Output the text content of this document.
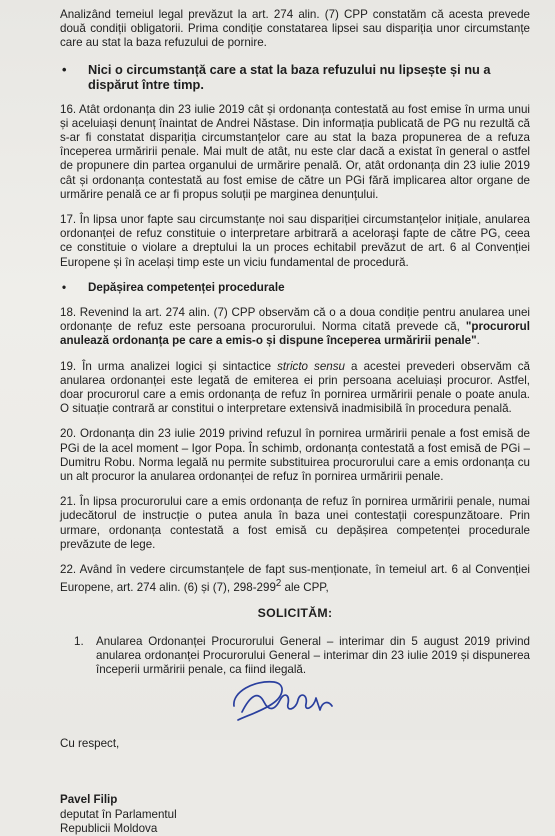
Analizând temeiul legal prevăzut la art. 274 alin. (7) CPP constatăm că acesta prevede două condiții obligatorii. Prima condiție constatarea lipsei sau dispariția unor circumstanțe care au stat la baza refuzului de pornire.

•	Nici o circumstanță care a stat la baza refuzului nu lipsește și nu a dispărut între timp.

16. Atât ordonanța din 23 iulie 2019 cât și ordonanța contestată au fost emise în urma unui și aceluiași denunț înaintat de Andrei Năstase. Din informația publicată de PG nu rezultă că s-ar fi constatat dispariția circumstanțelor care au stat la baza propunerea de a refuza începerea urmăririi penale. Mai mult de atât, nu este clar dacă a existat în general o astfel de propunere din partea organului de urmărire penală. Or, atât ordonanța din 23 iulie 2019 cât și ordonanța contestată au fost emise de către un PGi fără implicarea altor organe de urmărire penală ce ar fi propus soluții pe marginea denunțului.

17. În lipsa unor fapte sau circumstanțe noi sau dispariției circumstanțelor inițiale, anularea ordonanței de refuz constituie o interpretare arbitrară a aceloraşi fapte de către PG, ceea ce constituie o violare a dreptului la un proces echitabil prevăzut de art. 6 al Convenției Europene și în același timp este un viciu fundamental de procedură.

•	Depășirea competenței procedurale

18. Revenind la art. 274 alin. (7) CPP observăm că o a doua condiție pentru anularea unei ordonanțe de refuz este persoana procurorului. Norma citată prevede că, "procurorul anulează ordonanța pe care a emis-o și dispune începerea urmăririi penale".

19. În urma analizei logici și sintactice stricto sensu a acestei prevederi observăm că anularea ordonanței este legată de emiterea ei prin persoana aceluiași procuror. Astfel, doar procurorul care a emis ordonanța de refuz în pornirea urmăririi penale o poate anula. O situație contrară ar constitui o interpretare extensivă inadmisibilă în procedura penală.

20. Ordonanța din 23 iulie 2019 privind refuzul în pornirea urmăririi penale a fost emisă de PGi de la acel moment – Igor Popa. În schimb, ordonanța contestată a fost emisă de PGi – Dumitru Robu. Norma legală nu permite substituirea procurorului care a emis ordonanța cu un alt procuror la anularea ordonanței de refuz în pornirea urmăririi penale.

21. În lipsa procurorului care a emis ordonanța de refuz în pornirea urmăririi penale, numai judecătorul de instrucție o putea anula în baza unei contestații corespunzătoare. Prin urmare, ordonanța contestată a fost emisă cu depășirea competenței procedurale prevăzute de lege.

22. Având în vedere circumstanțele de fapt sus-menționate, în temeiul art. 6 al Convenției Europene, art. 274 alin. (6) și (7), $298-299^2$ ale CPP,

SOLICITĂM:
1.	Anularea Ordonanței Procurorului General – interimar din 5 august 2019 privind anularea ordonanței Procurorului General – interimar din 23 iulie 2019 și dispunerea începerii urmăririi penale, ca fiind ilegală.
Cu respect,
Pavel Filip
deputat în Parlamentul
Republicii Moldova
